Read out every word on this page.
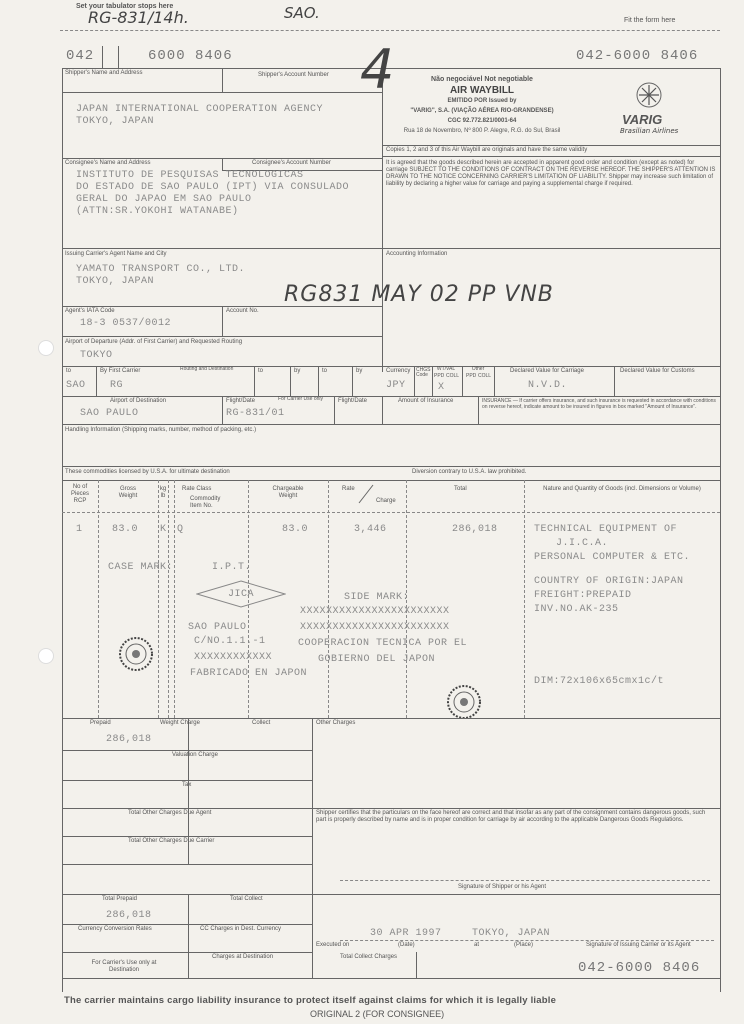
Set your tabulator stops here
Fit the form here
RG-831/14h.	SAO.
042	6000 8406	042-6000 8406
Shipper's Name and Address	Shipper's Account Number 4
JAPAN INTERNATIONAL COOPERATION AGENCY
TOKYO, JAPAN
Não negociável Not negotiable
AIR WAYBILL
EMITIDO POR Issued by
"VARIG", S.A. (VIAÇÃO AÉREA RIO-GRANDENSE)
CGC 92.772.821/0001-64
Rua 18 de Novembro, Nº 800 P. Alegre, R.G. do Sul, Brasil
VARIG
Brasilian Airlines
Copies 1, 2 and 3 of this Air Waybill are originals and have the same validity
It is agreed that the goods described herein are accepted in apparent good order and condition (except as noted) for carriage SUBJECT TO THE CONDITIONS OF CONTRACT ON THE REVERSE HEREOF. THE SHIPPER'S ATTENTION IS DRAWN TO THE NOTICE CONCERNING CARRIER'S LIMITATION OF LIABILITY. Shipper may increase such limitation of liability by declaring a higher value for carriage and paying a supplemental charge if required.
Consignee's Name and Address	Consignee's Account Number
INSTITUTO DE PESQUISAS TECNOLOGICAS
DO ESTADO DE SAO PAULO (IPT) VIA CONSULADO
GERAL DO JAPAO EM SAO PAULO
(ATTN:SR.YOKOHI WATANABE)
Issuing Carrier's Agent Name and City
YAMATO TRANSPORT CO., LTD.
TOKYO, JAPAN
Accounting Information
RG831 MAY 02 PP VNB
Agent's IATA Code
18-3 0537/0012
Account No.
Airport of Departure (Addr. of First Carrier) and Requested Routing
TOKYO
to	By First Carrier	Routing and Destination	to	by	to	by
SAO RG
Currency
JPY
CHGS Code
WT/VAL	Other
PPD COLL PPD COLL
X
Declared Value for Carriage
N.V.D.
Declared Value for Customs
Airport of Destination
SAO PAULO
Flight/Date	For Carrier Use only
RG-831/01
Flight/Date	Amount of Insurance	INSURANCE — If carrier offers insurance, and such insurance is requested in accordance with conditions on reverse hereof, indicate amount to be insured in figures in box marked "Amount of Insurance".
Handling Information (Shipping marks, number, method of packing, etc.)
These commodities licensed by U.S.A. for ultimate destination	Diversion contrary to U.S.A. law prohibited.
No of Pieces RCP
Gross Weight
kg lb
Rate Class
Commodity Item No.
Chargeable Weight
Rate
Charge
Total	Nature and Quantity of Goods (incl. Dimensions or Volume)
1	83.0 K Q	83.0	3,446	286,018	TECHNICAL EQUIPMENT OF
J.I.C.A.
PERSONAL COMPUTER & ETC.
COUNTRY OF ORIGIN:JAPAN
FREIGHT:PREPAID
INV.NO.AK-235
DIM:72x106x65cmx1c/t
CASE MARK:	I.P.T.
JICA
SAO PAULO
C/NO.1.1.-1
XXXXXXXXXXXX
FABRICADO EN JAPON
SIDE MARK:
XXXXXXXXXXXXXXXXXXXXXXX
XXXXXXXXXXXXXXXXXXXXXXX
COOPERACION TECNICA POR EL
GOBIERNO DEL JAPON
Prepaid	Weight Charge	Collect	Other Charges
286,018
Valuation Charge
Tax
Total Other Charges Due Agent
Total Other Charges Due Carrier
Total Prepaid	Total Collect
286,018
Currency Conversion Rates	CC Charges in Dest. Currency
For Carrier's Use only at Destination
Charges at Destination	Total Collect Charges
Shipper certifies that the particulars on the face hereof are correct and that insofar as any part of the consignment contains dangerous goods, such part is properly described by name and is in proper condition for carriage by air according to the applicable Dangerous Goods Regulations.
Signature of Shipper or his Agent
30 APR 1997	TOKYO, JAPAN
Executed on	(Date)	at	(Place)	Signature of Issuing Carrier or its Agent
042-6000 8406
The carrier maintains cargo liability insurance to protect itself against claims for which it is legally liable
ORIGINAL 2 (FOR CONSIGNEE)
